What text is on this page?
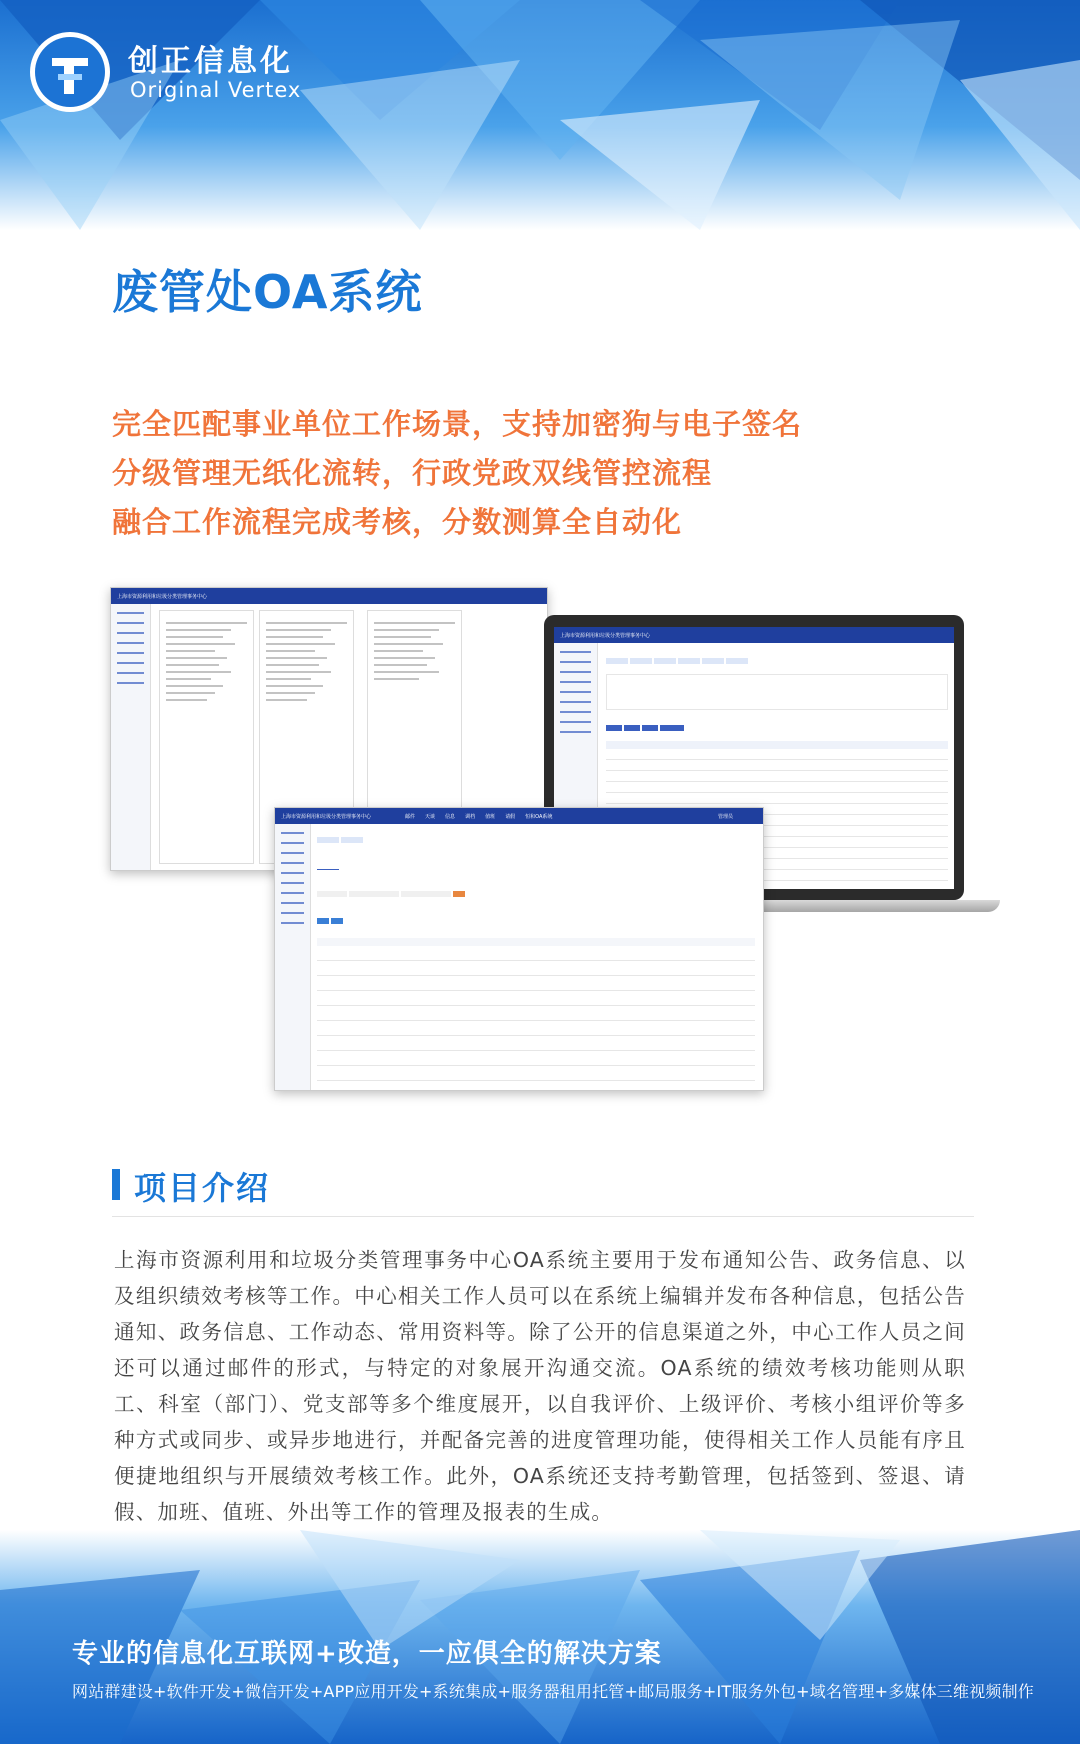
创正信息化
Original Vertex
废管处OA系统
完全匹配事业单位工作场景，支持加密狗与电子签名
分级管理无纸化流转，行政党政双线管控流程
融合工作流程完成考核，分数测算全自动化
上海市资源利用和垃圾分类管理事务中心
上海市资源利用和垃圾分类管理事务中心
上海市资源利用和垃圾分类管理事务中心	邮件 天谈 信息 调档 值班 请假 恒和OA系统	管理员
项目介绍
上海市资源利用和垃圾分类管理事务中心OA系统主要用于发布通知公告、政务信息、以及组织绩效考核等工作。中心相关工作人员可以在系统上编辑并发布各种信息，包括公告通知、政务信息、工作动态、常用资料等。除了公开的信息渠道之外，中心工作人员之间还可以通过邮件的形式，与特定的对象展开沟通交流。OA系统的绩效考核功能则从职工、科室（部门）、党支部等多个维度展开，以自我评价、上级评价、考核小组评价等多种方式或同步、或异步地进行，并配备完善的进度管理功能，使得相关工作人员能有序且便捷地组织与开展绩效考核工作。此外，OA系统还支持考勤管理，包括签到、签退、请假、加班、值班、外出等工作的管理及报表的生成。
专业的信息化互联网+改造，一应俱全的解决方案
网站群建设+软件开发+微信开发+APP应用开发+系统集成+服务器租用托管+邮局服务+IT服务外包+域名管理+多媒体三维视频制作
